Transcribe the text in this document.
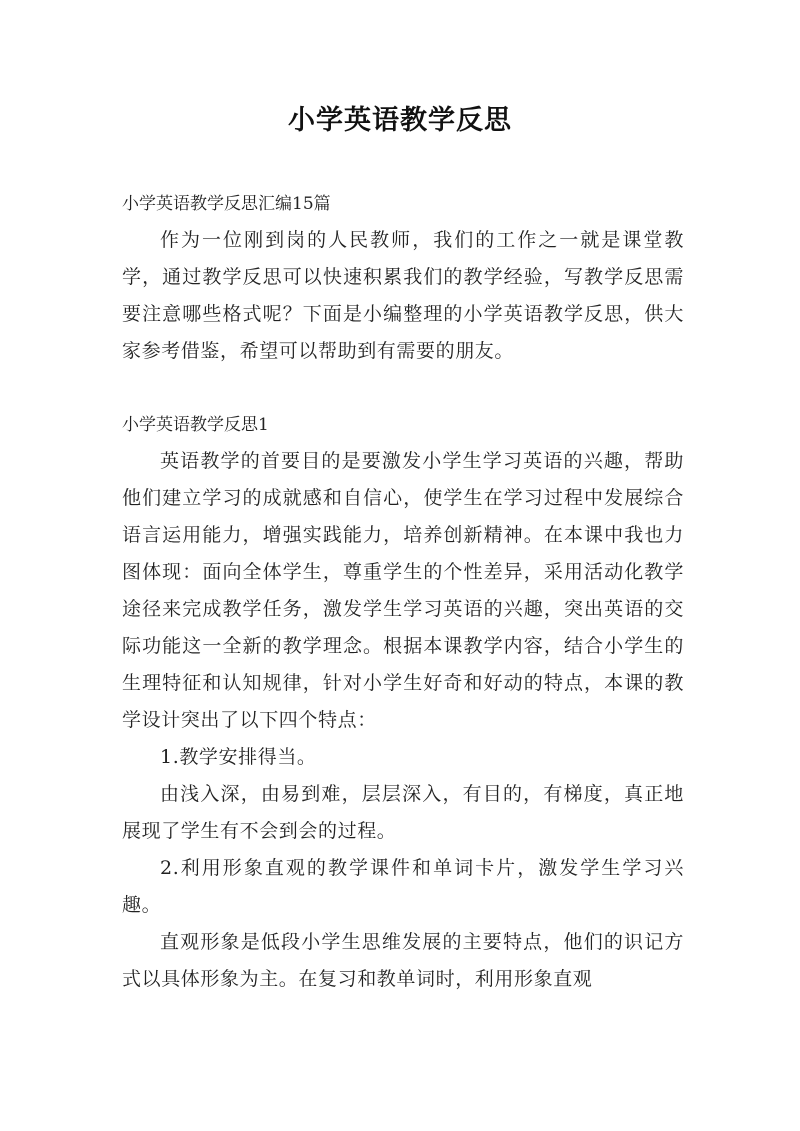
小学英语教学反思

小学英语教学反思汇编15篇

作为一位刚到岗的人民教师，我们的工作之一就是课堂教学，通过教学反思可以快速积累我们的教学经验，写教学反思需要注意哪些格式呢？下面是小编整理的小学英语教学反思，供大家参考借鉴，希望可以帮助到有需要的朋友。

小学英语教学反思1

英语教学的首要目的是要激发小学生学习英语的兴趣，帮助他们建立学习的成就感和自信心，使学生在学习过程中发展综合语言运用能力，增强实践能力，培养创新精神。在本课中我也力图体现：面向全体学生，尊重学生的个性差异，采用活动化教学途径来完成教学任务，激发学生学习英语的兴趣，突出英语的交际功能这一全新的教学理念。根据本课教学内容，结合小学生的生理特征和认知规律，针对小学生好奇和好动的特点，本课的教学设计突出了以下四个特点：

1.教学安排得当。

由浅入深，由易到难，层层深入，有目的，有梯度，真正地展现了学生有不会到会的过程。

2.利用形象直观的教学课件和单词卡片，激发学生学习兴趣。

直观形象是低段小学生思维发展的主要特点，他们的识记方式以具体形象为主。在复习和教单词时，利用形象直观
